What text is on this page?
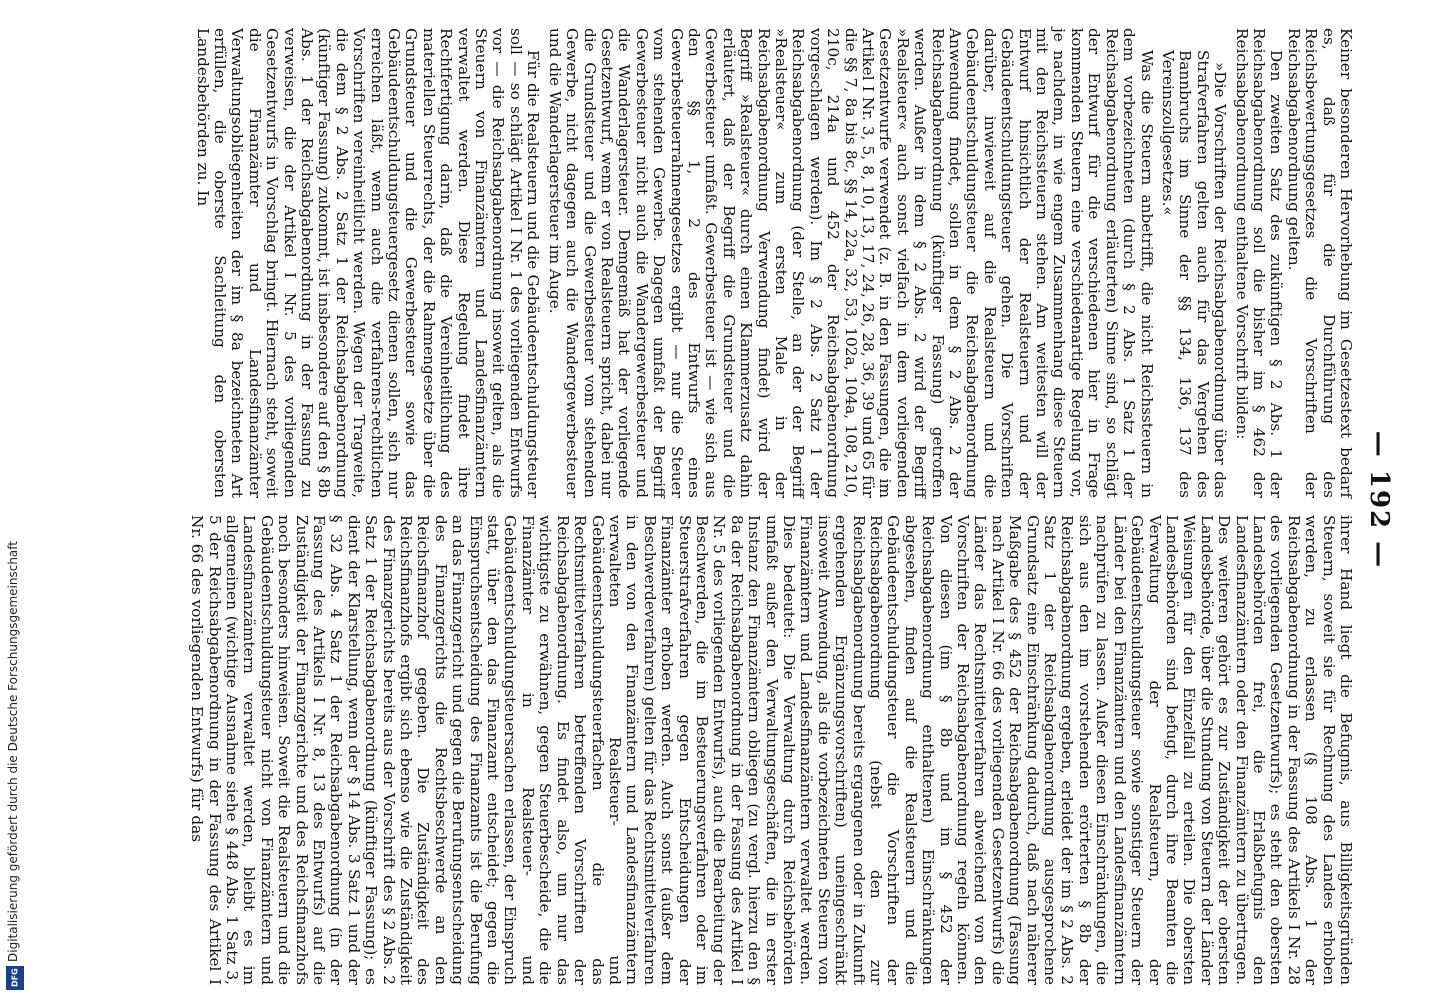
— 192 —

Keiner besonderen Hervorhebung im Gesetzestext bedarf es, daß für die Durchführung des Reichsbewertungsgesetzes die Vorschriften der Reichsabgabenordnung gelten.

Den zweiten Satz des zukünftigen § 2 Abs. 1 der Reichsabgabenordnung soll die bisher im § 462 der Reichsabgabenordnung enthaltene Vorschrift bilden:

»Die Vorschriften der Reichsabgabenordnung über das Strafverfahren gelten auch für das Vergehen des Bannbruchs im Sinne der §§ 134, 136, 137 des Vereinszollgesetzes.«

Was die Steuern anbetrifft, die nicht Reichssteuern in dem vorbezeichneten (durch § 2 Abs. 1 Satz 1 der Reichsabgabenordnung erläuterten) Sinne sind, so schlägt der Entwurf für die verschiedenen hier in Frage kommenden Steuern eine verschiedenartige Regelung vor, je nachdem, in wie engem Zusammenhang diese Steuern mit den Reichssteuern stehen. Am weitesten will der Entwurf hinsichtlich der Realsteuern und der Gebäudeentschuldungsteuer gehen. Die Vorschriften darüber, inwieweit auf die Realsteuern und die Gebäudeentschuldungsteuer die Reichsabgabenordnung Anwendung findet, sollen in dem § 2 Abs. 2 der Reichsabgabenordnung (künftiger Fassung) getroffen werden. Außer in dem § 2 Abs. 2 wird der Begriff »Realsteuer« auch sonst vielfach in dem vorliegenden Gesetzentwurfe verwendet (z. B. in den Fassungen, die im Artikel I Nr. 3, 5, 8, 10, 13, 17, 24, 26, 28, 36, 39 und 65 für die §§ 7, 8a bis 8c, §§ 14, 22a, 32, 53, 102a, 104a, 108, 210, 210c, 214a und 452 der Reichsabgabenordnung vorgeschlagen werden). Im § 2 Abs. 2 Satz 1 der Reichsabgabenordnung (der Stelle, an der der Begriff »Realsteuer« zum ersten Male in der Reichsabgabenordnung Verwendung findet) wird der Begriff »Realsteuer« durch einen Klammerzusatz dahin erläutert, daß der Begriff die Grundsteuer und die Gewerbesteuer umfaßt. Gewerbesteuer ist — wie sich aus den §§ 1, 2 des Entwurfs eines Gewerbesteuerrahmengesetzes ergibt — nur die Steuer vom stehenden Gewerbe. Dagegen umfaßt der Begriff Gewerbesteuer nicht auch die Wandergewerbesteuer und die Wanderlagersteuer. Demgemäß hat der vorliegende Gesetzentwurf, wenn er von Realsteuern spricht, dabei nur die Grundsteuer und die Gewerbesteuer vom stehenden Gewerbe, nicht dagegen auch die Wandergewerbesteuer und die Wanderlagersteuer im Auge.

Für die Realsteuern und die Gebäudeentschuldungsteuer soll — so schlägt Artikel I Nr. 1 des vorliegenden Entwurfs vor — die Reichsabgabenordnung insoweit gelten, als die Steuern von Finanzämtern und Landesfinanzämtern verwaltet werden. Diese Regelung findet ihre Rechtfertigung darin, daß die Vereinheitlichung des materiellen Steuerrechts, der die Rahmengesetze über die Grundsteuer und die Gewerbesteuer sowie das Gebäudeentschuldungsteuergesetz dienen sollen, sich nur erreichen läßt, wenn auch die verfahrens-rechtlichen Vorschriften vereinheitlicht werden. Wegen der Tragweite, die dem § 2 Abs. 2 Satz 1 der Reichsabgabenordnung (künftiger Fassung) zukommt, ist insbesondere auf den § 8b Abs. 1 der Reichsabgabenordnung in der Fassung zu verweisen, die der Artikel I Nr. 5 des vorliegenden Gesetzentwurfs in Vorschlag bringt. Hiernach steht, soweit die Finanzämter und Landesfinanzämter Verwaltungsobliegenheiten der im § 8a bezeichneten Art erfüllen, die oberste Sachleitung den obersten Landesbehörden zu. In

ihrer Hand liegt die Befugnis, aus Billigkeitsgründen Steuern, soweit sie für Rechnung des Landes erhoben werden, zu erlassen (§ 108 Abs. 1 der Reichsabgabenordnung in der Fassung des Artikels I Nr. 28 des vorliegenden Gesetzentwurfs); es steht den obersten Landesbehörden frei, die Erlaßbefugnis den Landesfinanzämtern oder den Finanzämtern zu übertragen. Des weiteren gehört es zur Zuständigkeit der obersten Landesbehörde, über die Stundung von Steuern der Länder Weisungen für den Einzelfall zu erteilen. Die obersten Landesbehörden sind befugt, durch ihre Beamten die Verwaltung der Realsteuern, der Gebäudeentschuldungsteuer sowie sonstiger Steuern der Länder bei den Finanzämtern und den Landesfinanzämtern nachprüfen zu lassen. Außer diesen Einschränkungen, die sich aus den im vorstehenden erörterten § 8b der Reichsabgabenordnung ergeben, erleidet der im § 2 Abs. 2 Satz 1 der Reichsabgabenordnung ausgesprochene Grundsatz eine Einschränkung dadurch, daß nach näherer Maßgabe des § 452 der Reichsabgabenordnung (Fassung nach Artikel I Nr. 66 des vorliegenden Gesetzentwurfs) die Länder das Rechtsmittelverfahren abweichend von den Vorschriften der Reichsabgabenordnung regeln können. Von diesen (im § 8b und im § 452 der Reichsabgabenordnung enthaltenen) Einschränkungen abgesehen, finden auf die Realsteuern und die Gebäudeentschuldungsteuer die Vorschriften der Reichsabgabenordnung (nebst den zur Reichsabgabenordnung bereits ergangenen oder in Zukunft ergehenden Ergänzungsvorschriften) uneingeschränkt insoweit Anwendung, als die vorbezeichneten Steuern von Finanzämtern und Landesfinanzämtern verwaltet werden. Dies bedeutet: Die Verwaltung durch Reichsbehörden umfaßt außer den Verwaltungsgeschäften, die in erster Instanz den Finanzämtern obliegen (zu vergl. hierzu den § 8a der Reichsabgabenordnung in der Fassung des Artikel I Nr. 5 des vorliegenden Entwurfs), auch die Bearbeitung der Beschwerden, die im Besteuerungsverfahren oder im Steuerstrafverfahren gegen Entscheidungen der Finanzämter erhoben werden. Auch sonst (außer dem Beschwerdeverfahren) gelten für das Rechtsmittelverfahren in den von den Finanzämtern und Landesfinanzämtern verwalteten Realsteuer- und Gebäudeentschuldungsteuerfachen die das Rechtsmittelverfahren betreffenden Vorschriften der Reichsabgabenordnung. Es findet also, um nur das wichtigste zu erwähnen, gegen Steuerbescheide, die die Finanzämter in Realsteuer- und Gebäudeentschuldungsteuersachen erlassen, der Einspruch statt, über den das Finanzamt entscheidet; gegen die Einspruchsentscheidung des Finanzamts ist die Berufung an das Finanzgericht und gegen die Berufungsentscheidung des Finanzgerichts die Rechtsbeschwerde an den Reichsfinanzhof gegeben. Die Zuständigkeit des Reichsfinanzhofs ergibt sich ebenso wie die Zuständigkeit des Finanzgerichts bereits aus der Vorschrift des § 2 Abs. 2 Satz 1 der Reichsabgabenordnung (künftiger Fassung); es dient der Klarstellung, wenn der § 14 Abs. 3 Satz 1 und der § 32 Abs. 4 Satz 1 der Reichsabgabenordnung (in der Fassung des Artikels I Nr. 8, 13 des Entwurfs) auf die Zuständigkeit der Finanzgerichte und des Reichsfinanzhofs noch besonders hinweisen. Soweit die Realsteuern und die Gebäudeentschuldungsteuer nicht von Finanzämtern und Landesfinanzämtern verwaltet werden, bleibt es im allgemeinen (wichtige Ausnahme siehe § 448 Abs. 1 Satz 3, 5 der Reichsabgabenordnung in der Fassung des Artikel I Nr. 66 des vorliegenden Entwurfs) für das

Digitalisierung gefördert durch die Deutsche Forschungsgemeinschaft
DFG
